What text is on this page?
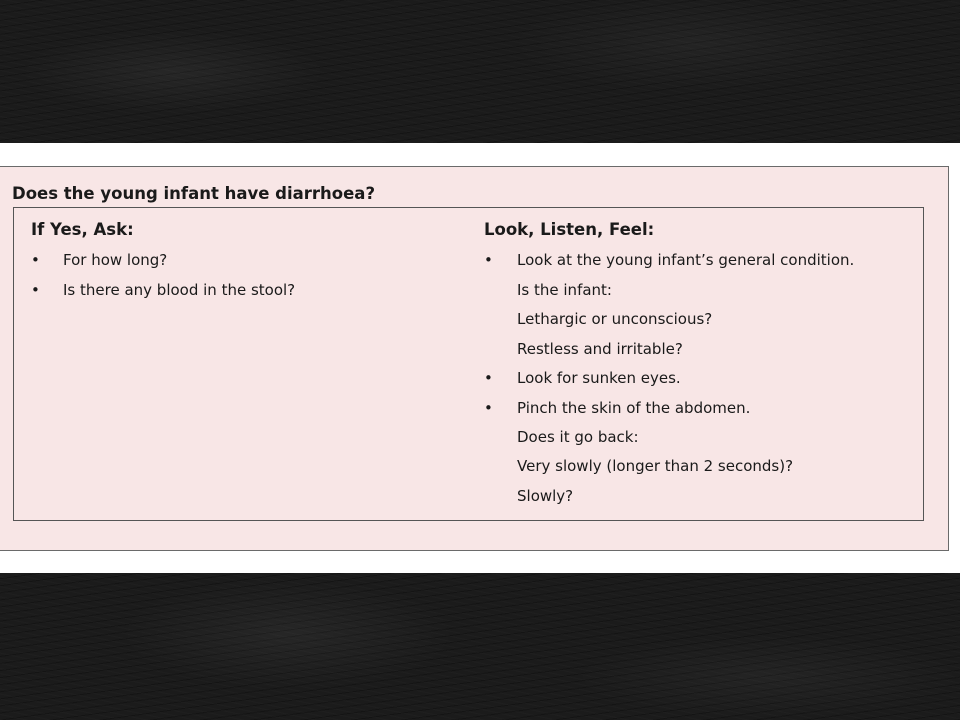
Does the young infant have diarrhoea?
If Yes, Ask:
• For how long?
• Is there any blood in the stool?
Look, Listen, Feel:
• Look at the young infant’s general condition.
Is the infant:
Lethargic or unconscious?
Restless and irritable?
• Look for sunken eyes.
• Pinch the skin of the abdomen.
Does it go back:
Very slowly (longer than 2 seconds)?
Slowly?
